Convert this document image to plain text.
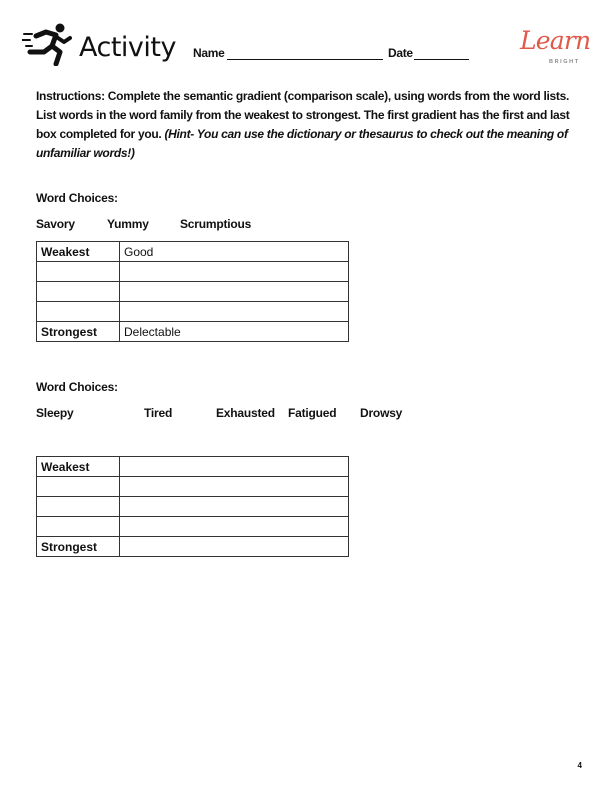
Activity Name	Date	Learn
BRIGHT
Instructions: Complete the semantic gradient (comparison scale), using words from the word lists. List words in the word family from the weakest to strongest. The first gradient has the first and last box completed for you. (Hint- You can use the dictionary or thesaurus to check out the meaning of unfamiliar words!)
Word Choices:
Savory	Yummy	Scrumptious
Weakest	Good

Strongest	Delectable
Word Choices:
Sleepy	Tired	Exhausted Fatigued Drowsy
Weakest	

Strongest	
4
